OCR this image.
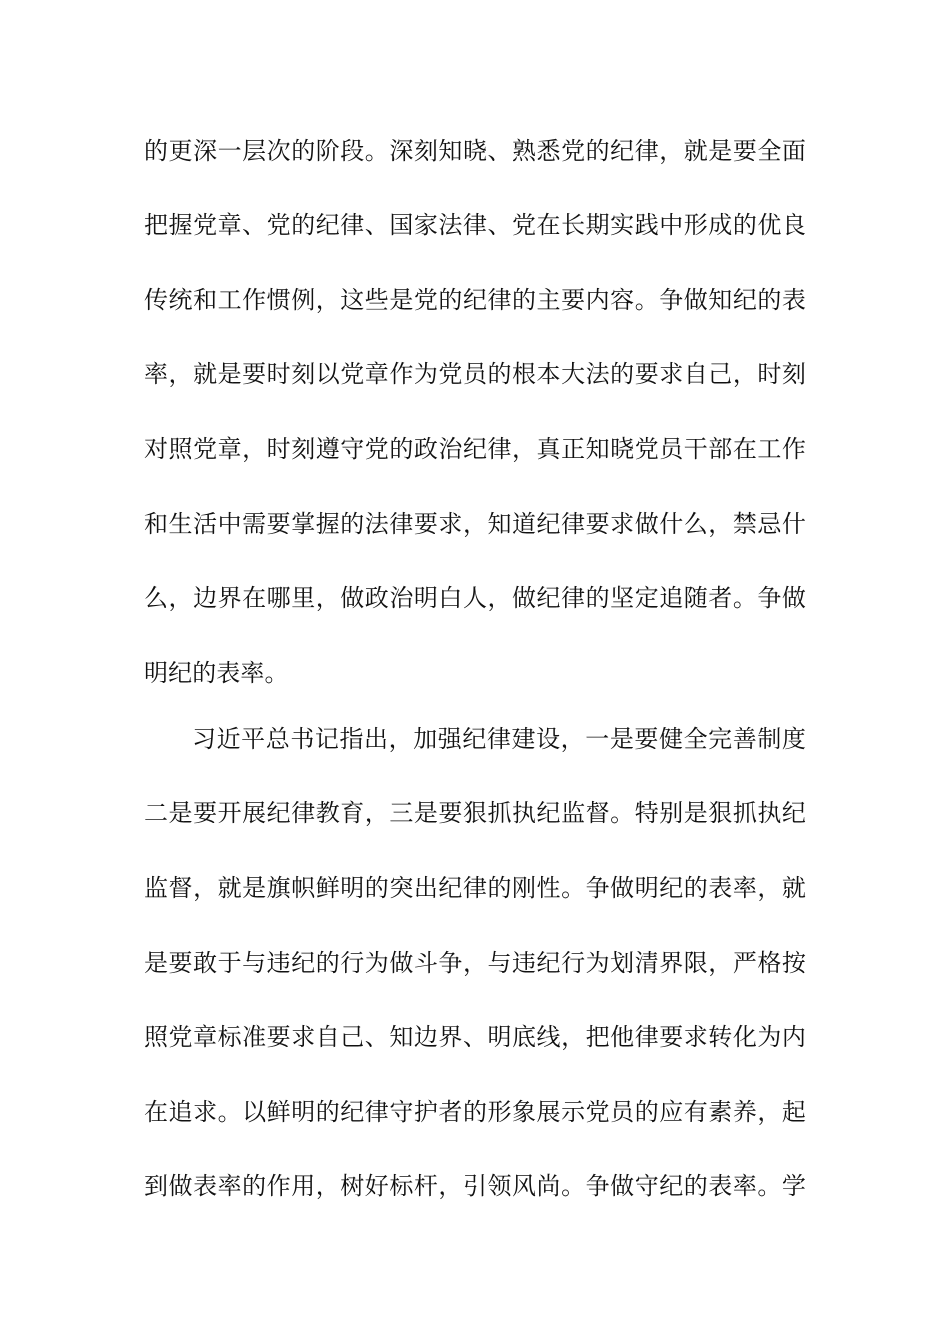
的更深一层次的阶段。深刻知晓、熟悉党的纪律，就是要全面
把握党章、党的纪律、国家法律、党在长期实践中形成的优良
传统和工作惯例，这些是党的纪律的主要内容。争做知纪的表
率，就是要时刻以党章作为党员的根本大法的要求自己，时刻
对照党章，时刻遵守党的政治纪律，真正知晓党员干部在工作
和生活中需要掌握的法律要求，知道纪律要求做什么，禁忌什
么，边界在哪里，做政治明白人，做纪律的坚定追随者。争做
明纪的表率。
习近平总书记指出，加强纪律建设，一是要健全完善制度
二是要开展纪律教育，三是要狠抓执纪监督。特别是狠抓执纪
监督，就是旗帜鲜明的突出纪律的刚性。争做明纪的表率，就
是要敢于与违纪的行为做斗争，与违纪行为划清界限，严格按
照党章标准要求自己、知边界、明底线，把他律要求转化为内
在追求。以鲜明的纪律守护者的形象展示党员的应有素养，起
到做表率的作用，树好标杆，引领风尚。争做守纪的表率。学
